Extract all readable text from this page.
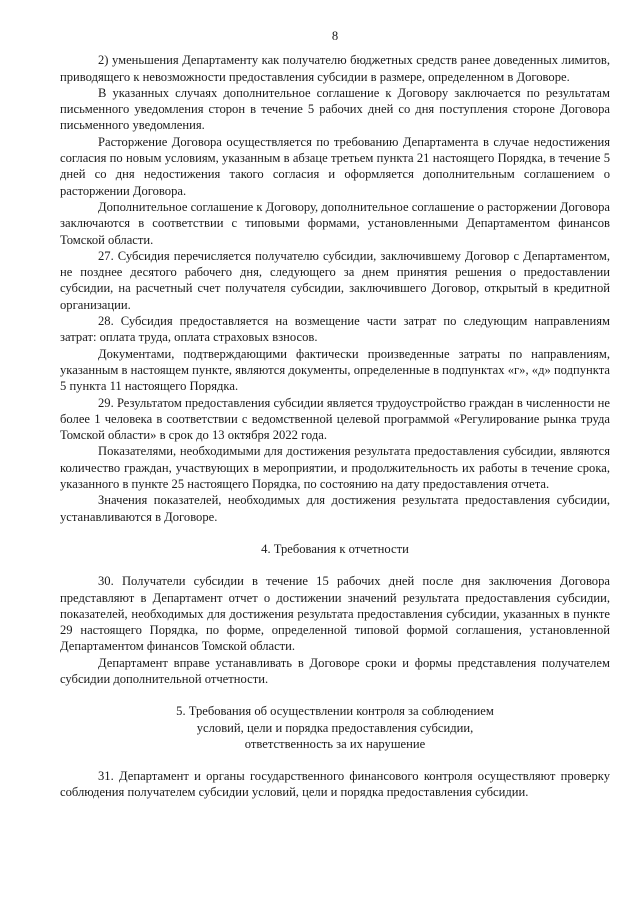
8

2) уменьшения Департаменту как получателю бюджетных средств ранее доведенных лимитов, приводящего к невозможности предоставления субсидии в размере, определенном в Договоре.

В указанных случаях дополнительное соглашение к Договору заключается по результатам письменного уведомления сторон в течение 5 рабочих дней со дня поступления стороне Договора письменного уведомления.

Расторжение Договора осуществляется по требованию Департамента в случае недостижения согласия по новым условиям, указанным в абзаце третьем пункта 21 настоящего Порядка, в течение 5 дней со дня недостижения такого согласия и оформляется дополнительным соглашением о расторжении Договора.

Дополнительное соглашение к Договору, дополнительное соглашение о расторжении Договора заключаются в соответствии с типовыми формами, установленными Департаментом финансов Томской области.

27. Субсидия перечисляется получателю субсидии, заключившему Договор с Департаментом, не позднее десятого рабочего дня, следующего за днем принятия решения о предоставлении субсидии, на расчетный счет получателя субсидии, заключившего Договор, открытый в кредитной организации.

28. Субсидия предоставляется на возмещение части затрат по следующим направлениям затрат: оплата труда, оплата страховых взносов.

Документами, подтверждающими фактически произведенные затраты по направлениям, указанным в настоящем пункте, являются документы, определенные в подпунктах «г», «д» подпункта 5 пункта 11 настоящего Порядка.

29. Результатом предоставления субсидии является трудоустройство граждан в численности не более 1 человека в соответствии с ведомственной целевой программой «Регулирование рынка труда Томской области» в срок до 13 октября 2022 года.

Показателями, необходимыми для достижения результата предоставления субсидии, являются количество граждан, участвующих в мероприятии, и продолжительность их работы в течение срока, указанного в пункте 25 настоящего Порядка, по состоянию на дату предоставления отчета.

Значения показателей, необходимых для достижения результата предоставления субсидии, устанавливаются в Договоре.

4. Требования к отчетности

30. Получатели субсидии в течение 15 рабочих дней после дня заключения Договора представляют в Департамент отчет о достижении значений результата предоставления субсидии, показателей, необходимых для достижения результата предоставления субсидии, указанных в пункте 29 настоящего Порядка, по форме, определенной типовой формой соглашения, установленной Департаментом финансов Томской области.

Департамент вправе устанавливать в Договоре сроки и формы представления получателем субсидии дополнительной отчетности.

5. Требования об осуществлении контроля за соблюдением
условий, цели и порядка предоставления субсидии,
ответственность за их нарушение

31. Департамент и органы государственного финансового контроля осуществляют проверку соблюдения получателем субсидии условий, цели и порядка предоставления субсидии.
